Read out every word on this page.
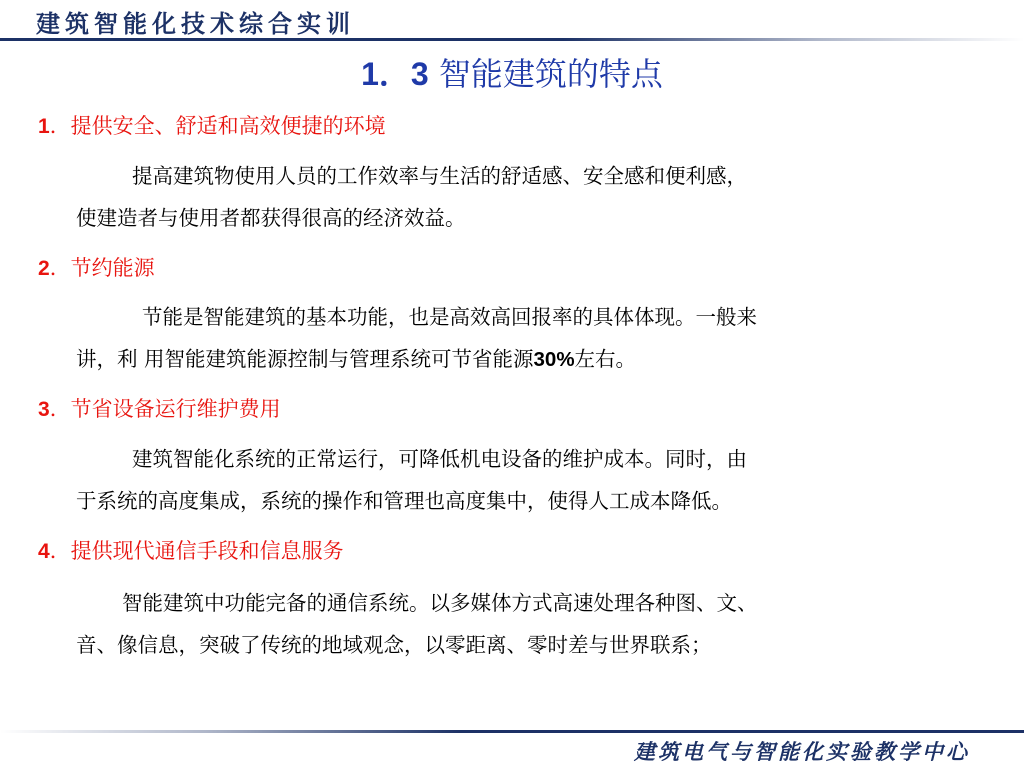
建筑智能化技术综合实训
1．3 智能建筑的特点
1．提供安全、舒适和高效便捷的环境
提高建筑物使用人员的工作效率与生活的舒适感、安全感和便利感，
使建造者与使用者都获得很高的经济效益。
2．节约能源
节能是智能建筑的基本功能，也是高效高回报率的具体体现。一般来
讲，利 用智能建筑能源控制与管理系统可节省能源30%左右。
3．节省设备运行维护费用
建筑智能化系统的正常运行，可降低机电设备的维护成本。同时，由
于系统的高度集成，系统的操作和管理也高度集中，使得人工成本降低。
4．提供现代通信手段和信息服务
智能建筑中功能完备的通信系统。以多媒体方式高速处理各种图、文、
音、像信息，突破了传统的地域观念，以零距离、零时差与世界联系；
建筑电气与智能化实验教学中心
